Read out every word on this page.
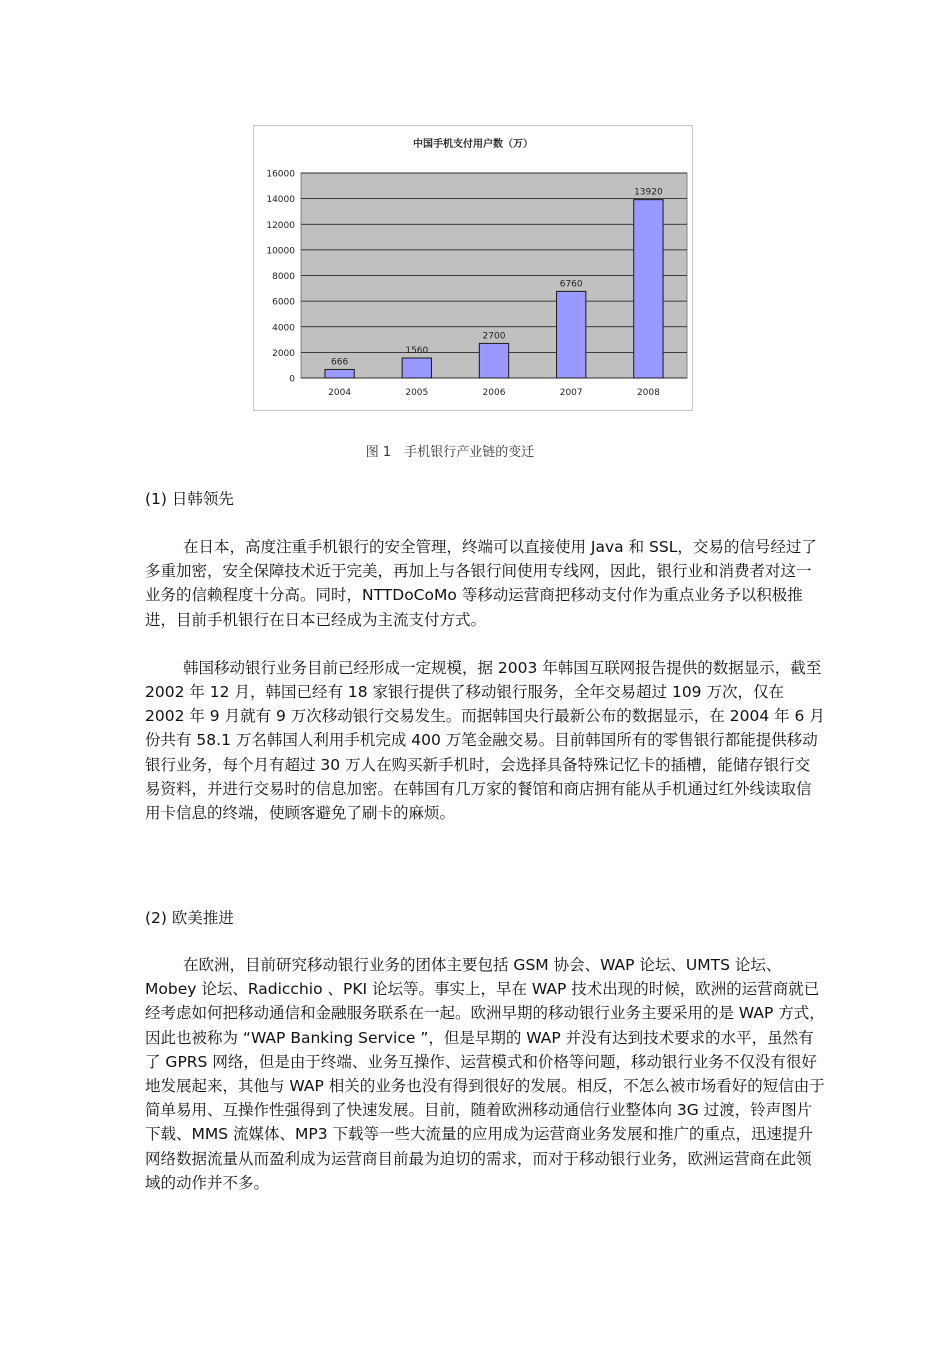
中国手机支付用户数（万）
0
2000
4000
6000
8000
10000
12000
14000
16000
666
2004
1560
2005
2700
2006
6760
2007
13920
2008
图 1　手机银行产业链的变迁
(1) 日韩领先

在日本，高度注重手机银行的安全管理，终端可以直接使用 Java 和 SSL，交易的信号经过了多重加密，安全保障技术近于完美，再加上与各银行间使用专线网，因此，银行业和消费者对这一业务的信赖程度十分高。同时，NTTDoCoMo 等移动运营商把移动支付作为重点业务予以积极推进，目前手机银行在日本已经成为主流支付方式。

韩国移动银行业务目前已经形成一定规模，据 2003 年韩国互联网报告提供的数据显示，截至 2002 年 12 月，韩国已经有 18 家银行提供了移动银行服务，全年交易超过 109 万次，仅在 2002 年 9 月就有 9 万次移动银行交易发生。而据韩国央行最新公布的数据显示，在 2004 年 6 月份共有 58.1 万名韩国人利用手机完成 400 万笔金融交易。目前韩国所有的零售银行都能提供移动银行业务，每个月有超过 30 万人在购买新手机时，会选择具备特殊记忆卡的插槽，能储存银行交易资料，并进行交易时的信息加密。在韩国有几万家的餐馆和商店拥有能从手机通过红外线读取信用卡信息的终端，使顾客避免了刷卡的麻烦。

(2) 欧美推进

在欧洲，目前研究移动银行业务的团体主要包括 GSM 协会、WAP 论坛、UMTS 论坛、Mobey 论坛、Radicchio 、PKI 论坛等。事实上，早在 WAP 技术出现的时候，欧洲的运营商就已经考虑如何把移动通信和金融服务联系在一起。欧洲早期的移动银行业务主要采用的是 WAP 方式，因此也被称为 “WAP Banking Service ”，但是早期的 WAP 并没有达到技术要求的水平，虽然有了 GPRS 网络，但是由于终端、业务互操作、运营模式和价格等问题，移动银行业务不仅没有很好地发展起来，其他与 WAP 相关的业务也没有得到很好的发展。相反，不怎么被市场看好的短信由于简单易用、互操作性强得到了快速发展。目前，随着欧洲移动通信行业整体向 3G 过渡，铃声图片下载、MMS 流媒体、MP3 下载等一些大流量的应用成为运营商业务发展和推广的重点，迅速提升网络数据流量从而盈利成为运营商目前最为迫切的需求，而对于移动银行业务，欧洲运营商在此领域的动作并不多。
